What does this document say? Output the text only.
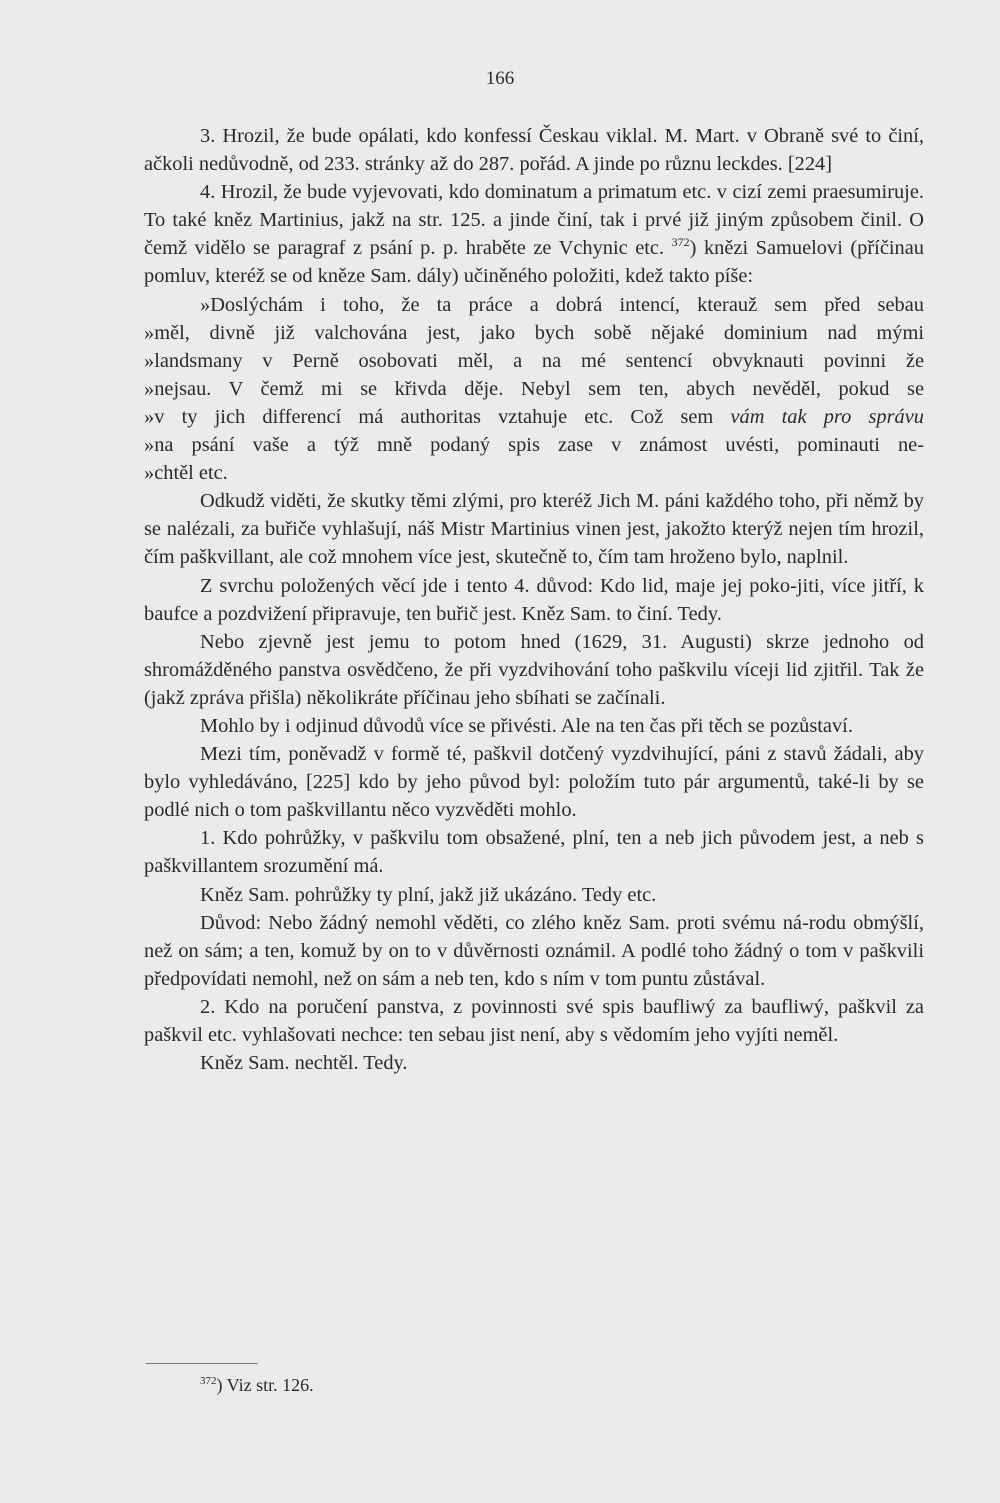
166

3. Hrozil, že bude opálati, kdo konfessí Českau viklal. M. Mart. v Obraně své to činí, ačkoli nedůvodně, od 233. stránky až do 287. pořád. A jinde po různu leckdes. [224]

4. Hrozil, že bude vyjevovati, kdo dominatum a primatum etc. v cizí zemi praesumiruje. To také kněz Martinius, jakž na str. 125. a jinde činí, tak i prvé již jiným způsobem činil. O čemž vidělo se paragraf z psání p. p. hraběte ze Vchynic etc. $^{372}$) knězi Samuelovi (příčinau pomluv, kteréž se od kněze Sam. dály) učiněného položiti, kdež takto píše:

»Doslýchám i toho, že ta práce a dobrá intencí, kterauž sem před sebau
»měl, divně již valchována jest, jako bych sobě nějaké dominium nad mými
»landsmany v Perně osobovati měl, a na mé sentencí obvyknauti povinni že
»nejsau. V čemž mi se křivda děje. Nebyl sem ten, abych nevěděl, pokud se
»v ty jich differencí má authoritas vztahuje etc. Což sem vám tak pro správu
»na psání vaše a týž mně podaný spis zase v známost uvésti, pominauti ne-
»chtěl etc.

Odkudž viděti, že skutky těmi zlými, pro kteréž Jich M. páni každého toho, při němž by se nalézali, za buřiče vyhlašují, náš Mistr Martinius vinen jest, jakožto kterýž nejen tím hrozil, čím paškvillant, ale což mnohem více jest, skutečně to, čím tam hroženo bylo, naplnil.

Z svrchu položených věcí jde i tento 4. důvod: Kdo lid, maje jej poko-jiti, více jitří, k baufce a pozdvižení připravuje, ten buřič jest. Kněz Sam. to činí. Tedy.

Nebo zjevně jest jemu to potom hned (1629, 31. Augusti) skrze jednoho od shromážděného panstva osvědčeno, že při vyzdvihování toho paškvilu víceji lid zjitřil. Tak že (jakž zpráva přišla) několikráte příčinau jeho sbíhati se začínali.

Mohlo by i odjinud důvodů více se přivésti. Ale na ten čas při těch se pozůstaví.

Mezi tím, poněvadž v formě té, paškvil dotčený vyzdvihující, páni z stavů žádali, aby bylo vyhledáváno, [225] kdo by jeho původ byl: položím tuto pár argumentů, také-li by se podlé nich o tom paškvillantu něco vyzvěděti mohlo.

1. Kdo pohrůžky, v paškvilu tom obsažené, plní, ten a neb jich původem jest, a neb s paškvillantem srozumění má.

Kněz Sam. pohrůžky ty plní, jakž již ukázáno. Tedy etc.

Důvod: Nebo žádný nemohl věděti, co zlého kněz Sam. proti svému ná-rodu obmýšlí, než on sám; a ten, komuž by on to v důvěrnosti oznámil. A podlé toho žádný o tom v paškvili předpovídati nemohl, než on sám a neb ten, kdo s ním v tom puntu zůstával.

2. Kdo na poručení panstva, z povinnosti své spis baufliwý za baufliwý, paškvil za paškvil etc. vyhlašovati nechce: ten sebau jist není, aby s vědomím jeho vyjíti neměl.

Kněz Sam. nechtěl. Tedy.

$^{372}$) Viz str. 126.
